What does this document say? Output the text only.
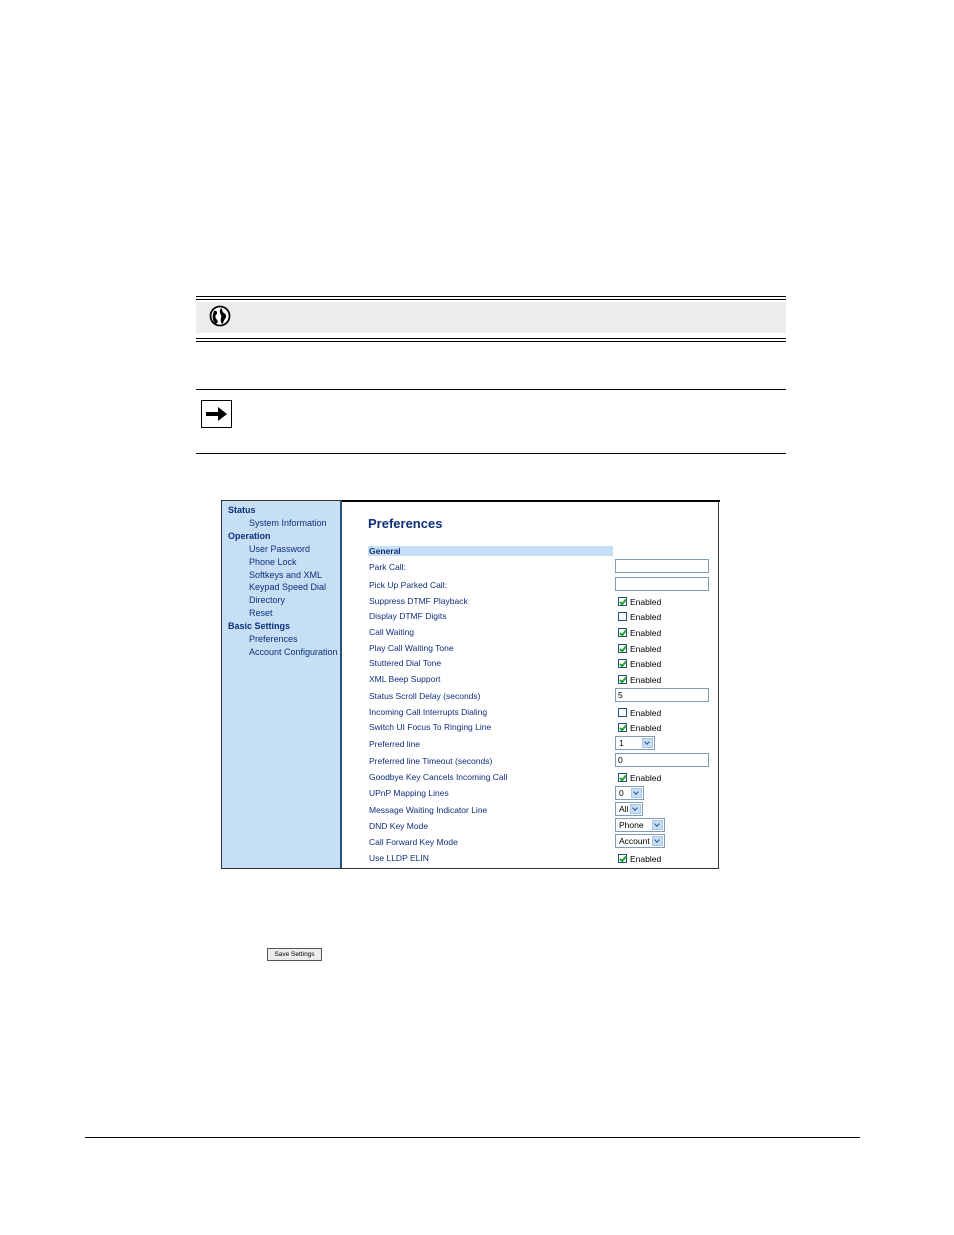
Status
System Information
Operation
User Password
Phone Lock
Softkeys and XML
Keypad Speed Dial
Directory
Reset
Basic Settings
Preferences
Account Configuration
Preferences
General
Park Call:
Pick Up Parked Call:
Suppress DTMF Playback
Display DTMF Digits
Call Waiting
Play Call Waiting Tone
Stuttered Dial Tone
XML Beep Support
Status Scroll Delay (seconds)
Incoming Call Interrupts Dialing
Switch UI Focus To Ringing Line
Preferred line
Preferred line Timeout (seconds)
Goodbye Key Cancels Incoming Call
UPnP Mapping Lines
Message Waiting Indicator Line
DND Key Mode
Call Forward Key Mode
Use LLDP ELIN
Enabled
Enabled
Enabled
Enabled
Enabled
Enabled
5
Enabled
Enabled
1
0
Enabled
0
All
Phone
Account
Enabled
Save Settings
